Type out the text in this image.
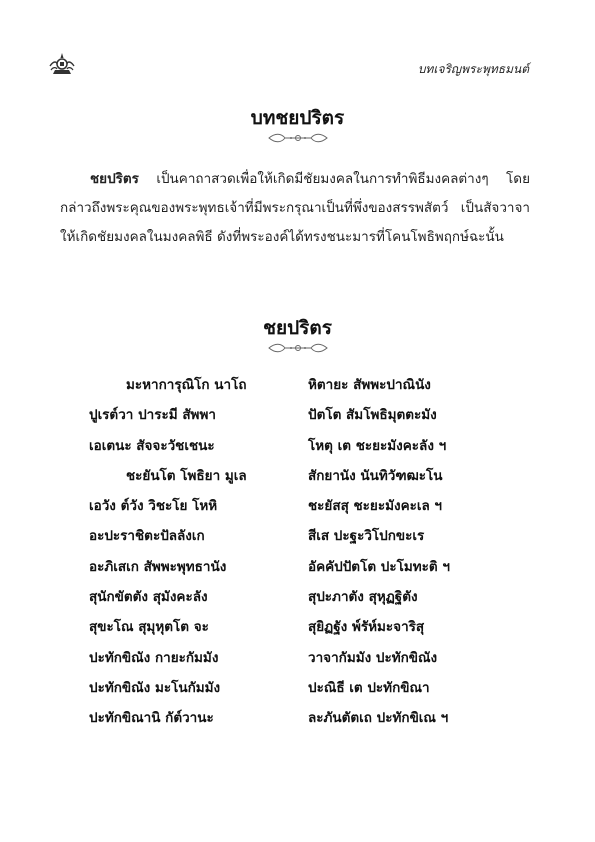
บทเจริญพระพุทธมนต์
บทชยปริตร
ชยปริตร เป็นคาถาสวดเพื่อให้เกิดมีชัยมงคลในการทำพิธีมงคลต่างๆ โดยกล่าวถึงพระคุณของพระพุทธเจ้าที่มีพระกรุณาเป็นที่พึ่งของสรรพสัตว์ เป็นสัจวาจาให้เกิดชัยมงคลในมงคลพิธี ดังที่พระองค์ได้ทรงชนะมารที่โคนโพธิพฤกษ์ฉะนั้น
ชยปริตร
มะหาการุณิโก นาโถ	หิตายะ สัพพะปาณินัง
ปูเรต์วา ปาระมี สัพพา	ปัตโต สัมโพธิมุตตะมัง
เอเตนะ สัจจะวัชเชนะ	โหตุ เต ชะยะมังคะลัง ฯ
ชะยันโต โพธิยา มูเล	สักยานัง นันทิวัฑฒะโน
เอวัง ต์วัง วิชะโย โหหิ	ชะยัสสุ ชะยะมังคะเล ฯ
อะปะราชิตะปัลลังเก	สีเส ปะฐะวิโปกขะเร
อะภิเสเก สัพพะพุทธานัง	อัคคัปปัตโต ปะโมทะติ ฯ
สุนักขัตตัง สุมังคะลัง	สุปะภาตัง สุหุฏฐิตัง
สุขะโณ สุมุหุตโต จะ	สุยิฏฐัง พ์รัห์มะจาริสุ
ปะทักขิณัง กายะกัมมัง	วาจากัมมัง ปะทักขิณัง
ปะทักขิณัง มะโนกัมมัง	ปะณิธี เต ปะทักขิณา
ปะทักขิณานิ กัต์วานะ	ละภันตัตเถ ปะทักขิเณ ฯ
